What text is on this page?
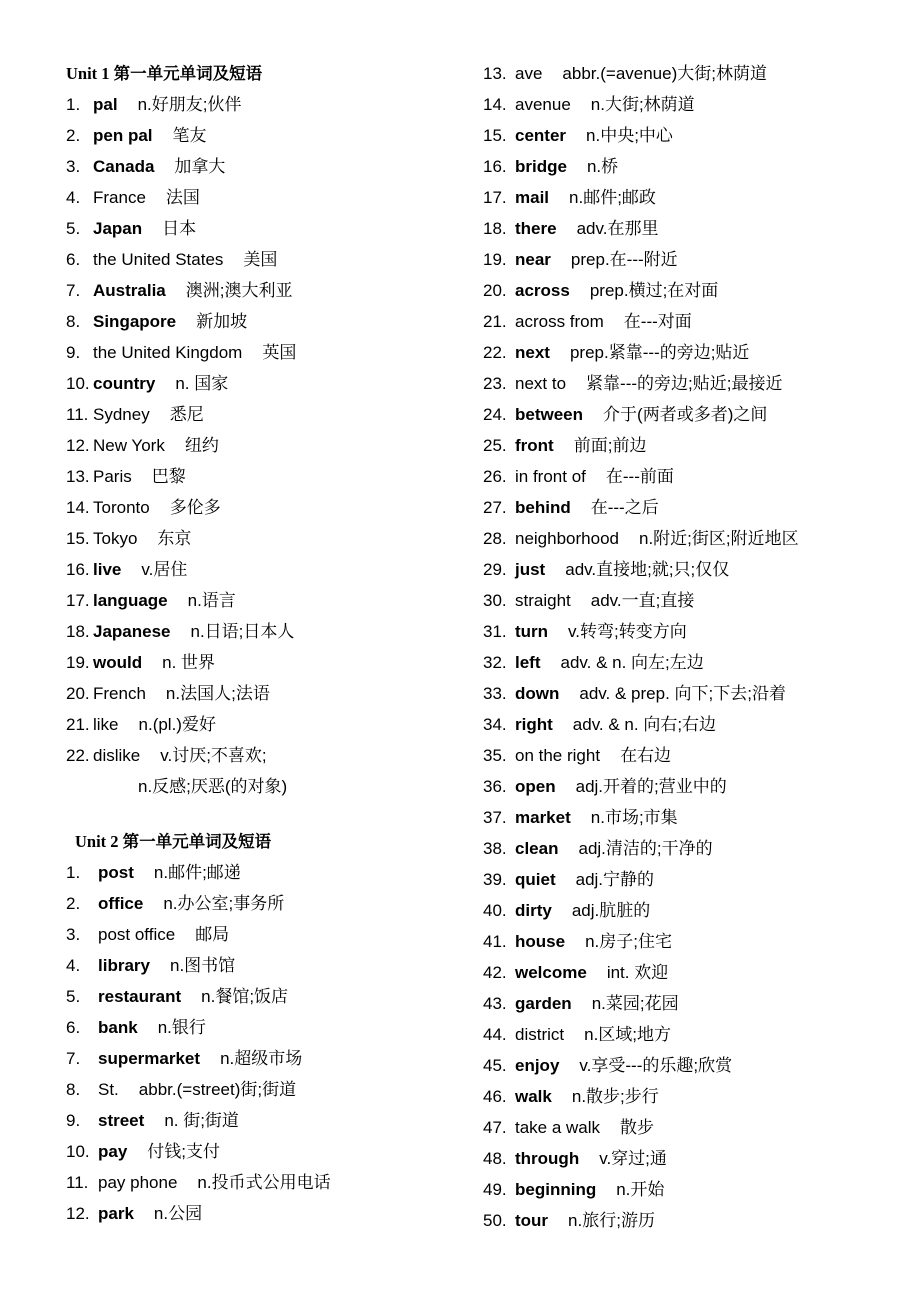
Unit 1 第一单元单词及短语
1. pal n.好朋友;伙伴
2. pen pal 笔友
3. Canada 加拿大
4. France 法国
5. Japan 日本
6. the United States 美国
7. Australia 澳洲;澳大利亚
8. Singapore 新加坡
9. the United Kingdom 英国
10. country n. 国家
11. Sydney 悉尼
12. New York 纽约
13. Paris 巴黎
14. Toronto 多伦多
15. Tokyo 东京
16. live v.居住
17. language n.语言
18. Japanese n.日语;日本人
19. would n. 世界
20. French n.法国人;法语
21. like n.(pl.)爱好
22. dislike v.讨厌;不喜欢;
n.反感;厌恶(的对象)
Unit 2 第一单元单词及短语
1. post n.邮件;邮递
2. office n.办公室;事务所
3. post office 邮局
4. library n.图书馆
5. restaurant n.餐馆;饭店
6. bank n.银行
7. supermarket n.超级市场
8. St. abbr.(=street)街;街道
9. street n. 街;街道
10. pay 付钱;支付
11. pay phone n.投币式公用电话
12. park n.公园
13. ave abbr.(=avenue)大街;林荫道
14. avenue n.大街;林荫道
15. center n.中央;中心
16. bridge n.桥
17. mail n.邮件;邮政
18. there adv.在那里
19. near prep.在---附近
20. across prep.横过;在对面
21. across from 在---对面
22. next prep.紧靠---的旁边;贴近
23. next to 紧靠---的旁边;贴近;最接近
24. between 介于(两者或多者)之间
25. front 前面;前边
26. in front of 在---前面
27. behind 在---之后
28. neighborhood n.附近;街区;附近地区
29. just adv.直接地;就;只;仅仅
30. straight adv.一直;直接
31. turn v.转弯;转变方向
32. left adv. & n. 向左;左边
33. down adv. & prep. 向下;下去;沿着
34. right adv. & n. 向右;右边
35. on the right 在右边
36. open adj.开着的;营业中的
37. market n.市场;市集
38. clean adj.清洁的;干净的
39. quiet adj.宁静的
40. dirty adj.肮脏的
41. house n.房子;住宅
42. welcome int. 欢迎
43. garden n.菜园;花园
44. district n.区域;地方
45. enjoy v.享受---的乐趣;欣赏
46. walk n.散步;步行
47. take a walk 散步
48. through v.穿过;通
49. beginning n.开始
50. tour n.旅行;游历
